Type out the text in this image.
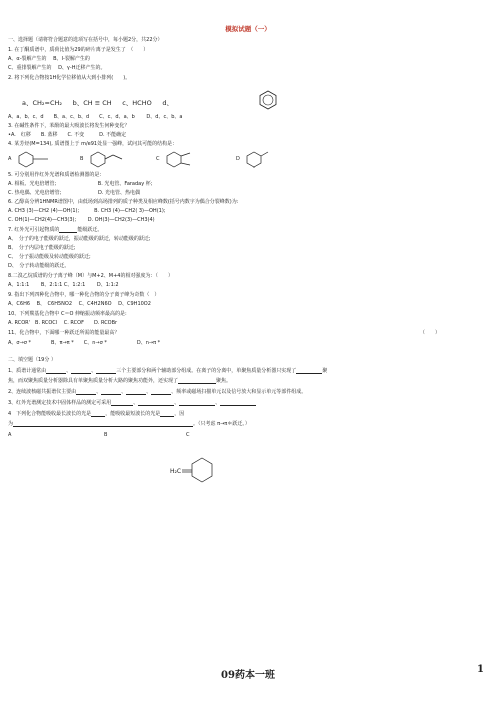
模拟试题（一）
一、选择题（请将符合题意的选项写在括号中，每小题2分，共22分）
1. 在丁酮质谱中，质荷比值为29的碎片离子是发生了　（　　）
A、α-裂解产生的　 B、I-裂解产生的
C、重排裂解产生的　 D、γ-H迁移产生的。
2. 将下列化合物按1H化学位移值从大到小排列(　　)。
a、CH₂=CH₂　 b、CH ≡ CH　 c、HCHO　 d、
A、a、b、c、d　　B、a、c、b、d　　C、c、d、a、b　　 D、d、c、b、a
3. 在碱性条件下，苯酚的最大吸波长将发生何种变化？
•A.　红移　　B. 蓝移　　C. 不变　　　D. 不能确定
4. 某芳烃(M=134), 质谱图上于 m/e91处显一强峰，试问其可能的结构是：
A	B	C	D
5. 可分别用作红外光谱和质谱检测器的是：
A. 相板、光电倍增管;　　　　　　　　 B. 光电管、Faraday 杯;
C. 热电偶、光电倍增管;　　　　　　　 D. 光电管、热电偶
6. 乙醇高分辨1HNMR谱图中，由低场到高场排列的质子种类及相应峰数(括号内数字为偶合分裂峰数)为:
A. CH3 (3)—CH2 (4)—OH(1);　　　B. CH3 (4)—CH2( 3)—OH(1);
C. OH(1)—CH2(4)—CH3(3);　　 D. OH(3)—CH2(3)—CH3(4)
7. 红外光可引起物质的	能级跃迁。
A、　分子的电子能级的跃迁，振动能级的跃迁，转动能级的跃迁;
B、　分子内层电子能级的跃迁;
C、　分子振动能级及转动能级的跃迁;
D、　分子转动能级的跃迁。
8.二溴乙烷质谱的分子离子峰（M）与M+2、M+4的相对强度为：（　　）
A、1:1:1　　 B、2:1:1 C、1:2:1　　 D、1:1:2
9. 指出下列四种化合物中，哪一种化合物的分子离子峰为奇数（　）
A、C6H6　 B、　C6H5NO2　 C、C4H2N6O　 D、C9H10O2
10、下列羰基化合物中 C＝O 伸缩振动频率最高的是:
A. RCOR'　B. RCOCl　 C. RCOF　　D. RCOBr
11、化合物中，下面哪一种跃迁所需的能量最高？	（　　）
A、σ→σ *　　　　B、π→π *　　C、n→σ *　　　　　　D、n→π *
二、填空题（19分 ）
1、质谱计通常由	、	、	三个主要部分和两个辅助部分组成。在离子的分离中，单聚焦质量分析器只实现了	聚
焦，而双聚焦质量分析器除具有单聚焦质量分析大路的聚焦功能外，还实现了	聚焦。
2、连续波核磁共振谱仪主要由	、	、	、	、频率或磁场扫描单元以及信号放大和显示单元等部件组成。
3、红外光谱测定技术中固体样品的测定可采用	、	、	、
4　下列化合物能吸收最长波长的光是	，能吸收最短波长的光是	，因
为	。（只考虑 π→π＊跃迁。）
A	B	C
H₂C
09药本一班
1
